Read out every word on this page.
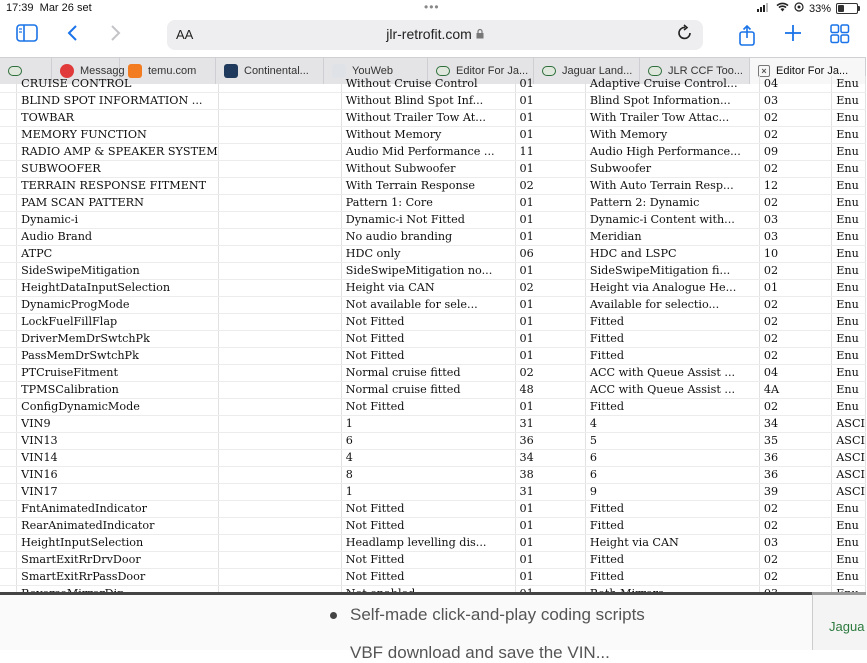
17:39 Mar 26 set	•••	33%
AA	jlr-retrofit.com
Messagg temu.com	Continental...	YouWeb	Editor For Ja...	Jaguar Land...	JLR CCF Too...	× Editor For Ja...
	CRUISE CONTROL		Without Cruise Control	01	Adaptive Cruise Control...	04	Enu
	BLIND SPOT INFORMATION ...		Without Blind Spot Inf...	01	Blind Spot Information...	03	Enu
	TOWBAR		Without Trailer Tow At...	01	With Trailer Tow Attac...	02	Enu
	MEMORY FUNCTION		Without Memory	01	With Memory	02	Enu
	RADIO AMP & SPEAKER SYSTEM		Audio Mid Performance ...	11	Audio High Performance...	09	Enu
	SUBWOOFER		Without Subwoofer	01	Subwoofer	02	Enu
	TERRAIN RESPONSE FITMENT		With Terrain Response	02	With Auto Terrain Resp...	12	Enu
	PAM SCAN PATTERN		Pattern 1: Core	01	Pattern 2: Dynamic	02	Enu
	Dynamic-i		Dynamic-i Not Fitted	01	Dynamic-i Content with...	03	Enu
	Audio Brand		No audio branding	01	Meridian	03	Enu
	ATPC		HDC only	06	HDC and LSPC	10	Enu
	SideSwipeMitigation		SideSwipeMitigation no...	01	SideSwipeMitigation fi...	02	Enu
	HeightDataInputSelection		Height via CAN	02	Height via Analogue He...	01	Enu
	DynamicProgMode		Not available for sele...	01	Available for selectio...	02	Enu
	LockFuelFillFlap		Not Fitted	01	Fitted	02	Enu
	DriverMemDrSwtchPk		Not Fitted	01	Fitted	02	Enu
	PassMemDrSwtchPk		Not Fitted	01	Fitted	02	Enu
	PTCruiseFitment		Normal cruise fitted	02	ACC with Queue Assist ...	04	Enu
	TPMSCalibration		Normal cruise fitted	48	ACC with Queue Assist ...	4A	Enu
	ConfigDynamicMode		Not Fitted	01	Fitted	02	Enu
	VIN9		1	31	4	34	ASCI
	VIN13		6	36	5	35	ASCI
	VIN14		4	34	6	36	ASCI
	VIN16		8	38	6	36	ASCI
	VIN17		1	31	9	39	ASCI
	FntAnimatedIndicator		Not Fitted	01	Fitted	02	Enu
	RearAnimatedIndicator		Not Fitted	01	Fitted	02	Enu
	HeightInputSelection		Headlamp levelling dis...	01	Height via CAN	03	Enu
	SmartExitRrDrvDoor		Not Fitted	01	Fitted	02	Enu
	SmartExitRrPassDoor		Not Fitted	01	Fitted	02	Enu

Self-made click-and-play coding scripts
VBF download and save the VIN...
Jagua
